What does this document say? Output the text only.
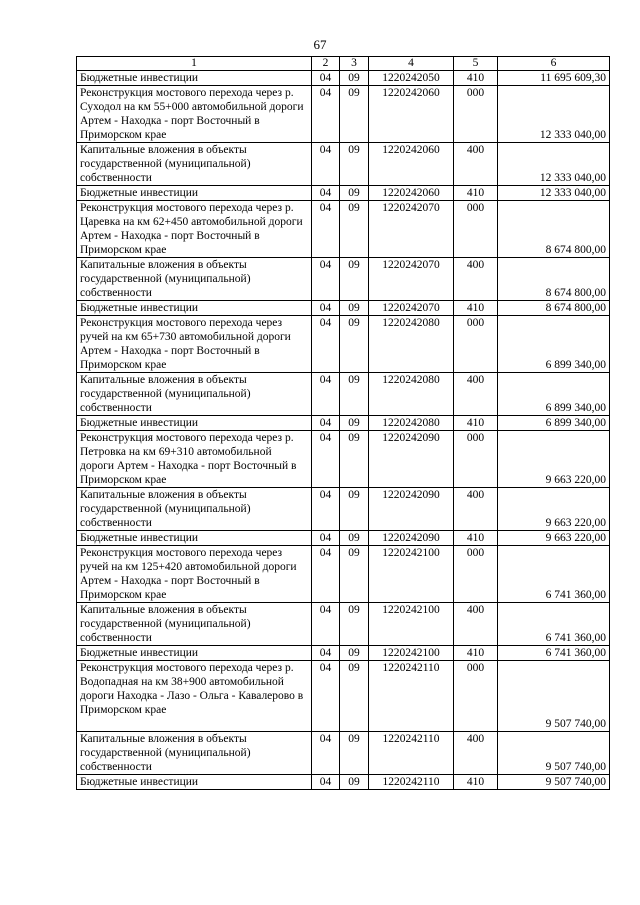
67
1	2	3	4	5	6
Бюджетные инвестиции	04	09	1220242050	410	11 695 609,30
Реконструкция мостового перехода через р. Суходол на км 55+000 автомобильной дороги Артем - Находка - порт Восточный в Приморском крае	04	09	1220242060	000	12 333 040,00
Капитальные вложения в объекты государственной (муниципальной) собственности	04	09	1220242060	400	12 333 040,00
Бюджетные инвестиции	04	09	1220242060	410	12 333 040,00
Реконструкция мостового перехода через р. Царевка на км 62+450 автомобильной дороги Артем - Находка - порт Восточный в Приморском крае	04	09	1220242070	000	8 674 800,00
Капитальные вложения в объекты государственной (муниципальной) собственности	04	09	1220242070	400	8 674 800,00
Бюджетные инвестиции	04	09	1220242070	410	8 674 800,00
Реконструкция мостового перехода через ручей на км 65+730 автомобильной дороги Артем - Находка - порт Восточный в Приморском крае	04	09	1220242080	000	6 899 340,00
Капитальные вложения в объекты государственной (муниципальной) собственности	04	09	1220242080	400	6 899 340,00
Бюджетные инвестиции	04	09	1220242080	410	6 899 340,00
Реконструкция мостового перехода через р. Петровка на км 69+310 автомобильной дороги Артем - Находка - порт Восточный в Приморском крае	04	09	1220242090	000	9 663 220,00
Капитальные вложения в объекты государственной (муниципальной) собственности	04	09	1220242090	400	9 663 220,00
Бюджетные инвестиции	04	09	1220242090	410	9 663 220,00
Реконструкция мостового перехода через ручей на км 125+420 автомобильной дороги Артем - Находка - порт Восточный в Приморском крае	04	09	1220242100	000	6 741 360,00
Капитальные вложения в объекты государственной (муниципальной) собственности	04	09	1220242100	400	6 741 360,00
Бюджетные инвестиции	04	09	1220242100	410	6 741 360,00
Реконструкция мостового перехода через р. Водопадная на км 38+900 автомобильной дороги Находка - Лазо - Ольга - Кавалерово в Приморском крае	04	09	1220242110	000	9 507 740,00
Капитальные вложения в объекты государственной (муниципальной) собственности	04	09	1220242110	400	9 507 740,00
Бюджетные инвестиции	04	09	1220242110	410	9 507 740,00
